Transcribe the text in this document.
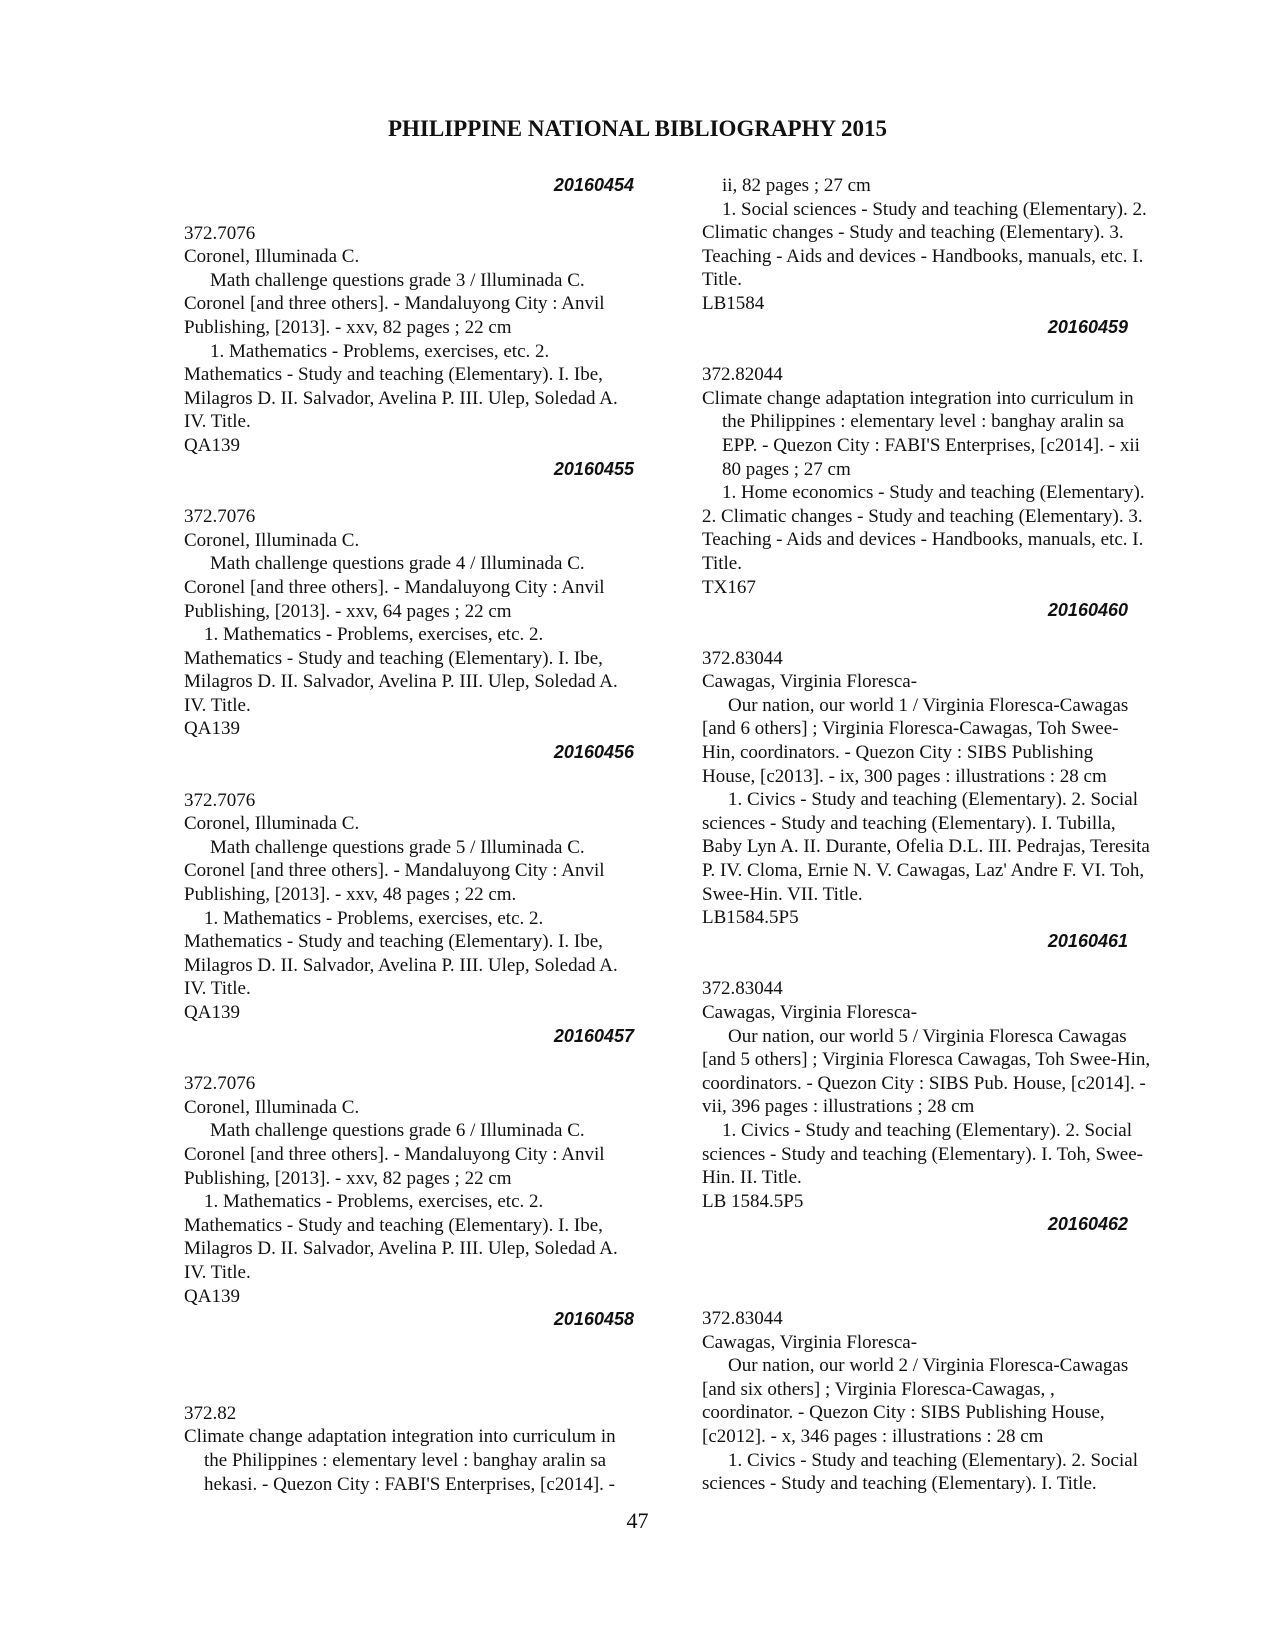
PHILIPPINE NATIONAL BIBLIOGRAPHY 2015
20160454
372.7076
Coronel, Illuminada C.
Math challenge questions grade 3 / Illuminada C.
Coronel [and three others]. - Mandaluyong City : Anvil
Publishing, [2013]. - xxv, 82 pages ; 22 cm
1. Mathematics - Problems, exercises, etc. 2.
Mathematics - Study and teaching (Elementary). I. Ibe,
Milagros D. II. Salvador, Avelina P. III. Ulep, Soledad A.
IV. Title.
QA139
20160455
372.7076
Coronel, Illuminada C.
Math challenge questions grade 4 / Illuminada C.
Coronel [and three others]. - Mandaluyong City : Anvil
Publishing, [2013]. - xxv, 64 pages ; 22 cm
1. Mathematics - Problems, exercises, etc. 2.
Mathematics - Study and teaching (Elementary). I. Ibe,
Milagros D. II. Salvador, Avelina P. III. Ulep, Soledad A.
IV. Title.
QA139
20160456
372.7076
Coronel, Illuminada C.
Math challenge questions grade 5 / Illuminada C.
Coronel [and three others]. - Mandaluyong City : Anvil
Publishing, [2013]. - xxv, 48 pages ; 22 cm.
1. Mathematics - Problems, exercises, etc. 2.
Mathematics - Study and teaching (Elementary). I. Ibe,
Milagros D. II. Salvador, Avelina P. III. Ulep, Soledad A.
IV. Title.
QA139
20160457
372.7076
Coronel, Illuminada C.
Math challenge questions grade 6 / Illuminada C.
Coronel [and three others]. - Mandaluyong City : Anvil
Publishing, [2013]. - xxv, 82 pages ; 22 cm
1. Mathematics - Problems, exercises, etc. 2.
Mathematics - Study and teaching (Elementary). I. Ibe,
Milagros D. II. Salvador, Avelina P. III. Ulep, Soledad A.
IV. Title.
QA139
20160458
372.82
Climate change adaptation integration into curriculum in
the Philippines : elementary level : banghay aralin sa
hekasi. - Quezon City : FABI'S Enterprises, [c2014]. -
ii, 82 pages ; 27 cm
1. Social sciences - Study and teaching (Elementary). 2.
Climatic changes - Study and teaching (Elementary). 3.
Teaching - Aids and devices - Handbooks, manuals, etc. I.
Title.
LB1584
20160459
372.82044
Climate change adaptation integration into curriculum in
the Philippines : elementary level : banghay aralin sa
EPP. - Quezon City : FABI'S Enterprises, [c2014]. - xii
80 pages ; 27 cm
1. Home economics - Study and teaching (Elementary).
2. Climatic changes - Study and teaching (Elementary). 3.
Teaching - Aids and devices - Handbooks, manuals, etc. I.
Title.
TX167
20160460
372.83044
Cawagas, Virginia Floresca-
Our nation, our world 1 / Virginia Floresca-Cawagas
[and 6 others] ; Virginia Floresca-Cawagas, Toh Swee-
Hin, coordinators. - Quezon City : SIBS Publishing
House, [c2013]. - ix, 300 pages : illustrations : 28 cm
1. Civics - Study and teaching (Elementary). 2. Social
sciences - Study and teaching (Elementary). I. Tubilla,
Baby Lyn A. II. Durante, Ofelia D.L. III. Pedrajas, Teresita
P. IV. Cloma, Ernie N. V. Cawagas, Laz' Andre F. VI. Toh,
Swee-Hin. VII. Title.
LB1584.5P5
20160461
372.83044
Cawagas, Virginia Floresca-
Our nation, our world 5 / Virginia Floresca Cawagas
[and 5 others] ; Virginia Floresca Cawagas, Toh Swee-Hin,
coordinators. - Quezon City : SIBS Pub. House, [c2014]. -
vii, 396 pages : illustrations ; 28 cm
1. Civics - Study and teaching (Elementary). 2. Social
sciences - Study and teaching (Elementary). I. Toh, Swee-
Hin. II. Title.
LB 1584.5P5
20160462
372.83044
Cawagas, Virginia Floresca-
Our nation, our world 2 / Virginia Floresca-Cawagas
[and six others] ; Virginia Floresca-Cawagas, ,
coordinator. - Quezon City : SIBS Publishing House,
[c2012]. - x, 346 pages : illustrations : 28 cm
1. Civics - Study and teaching (Elementary). 2. Social
sciences - Study and teaching (Elementary). I. Title.
47
